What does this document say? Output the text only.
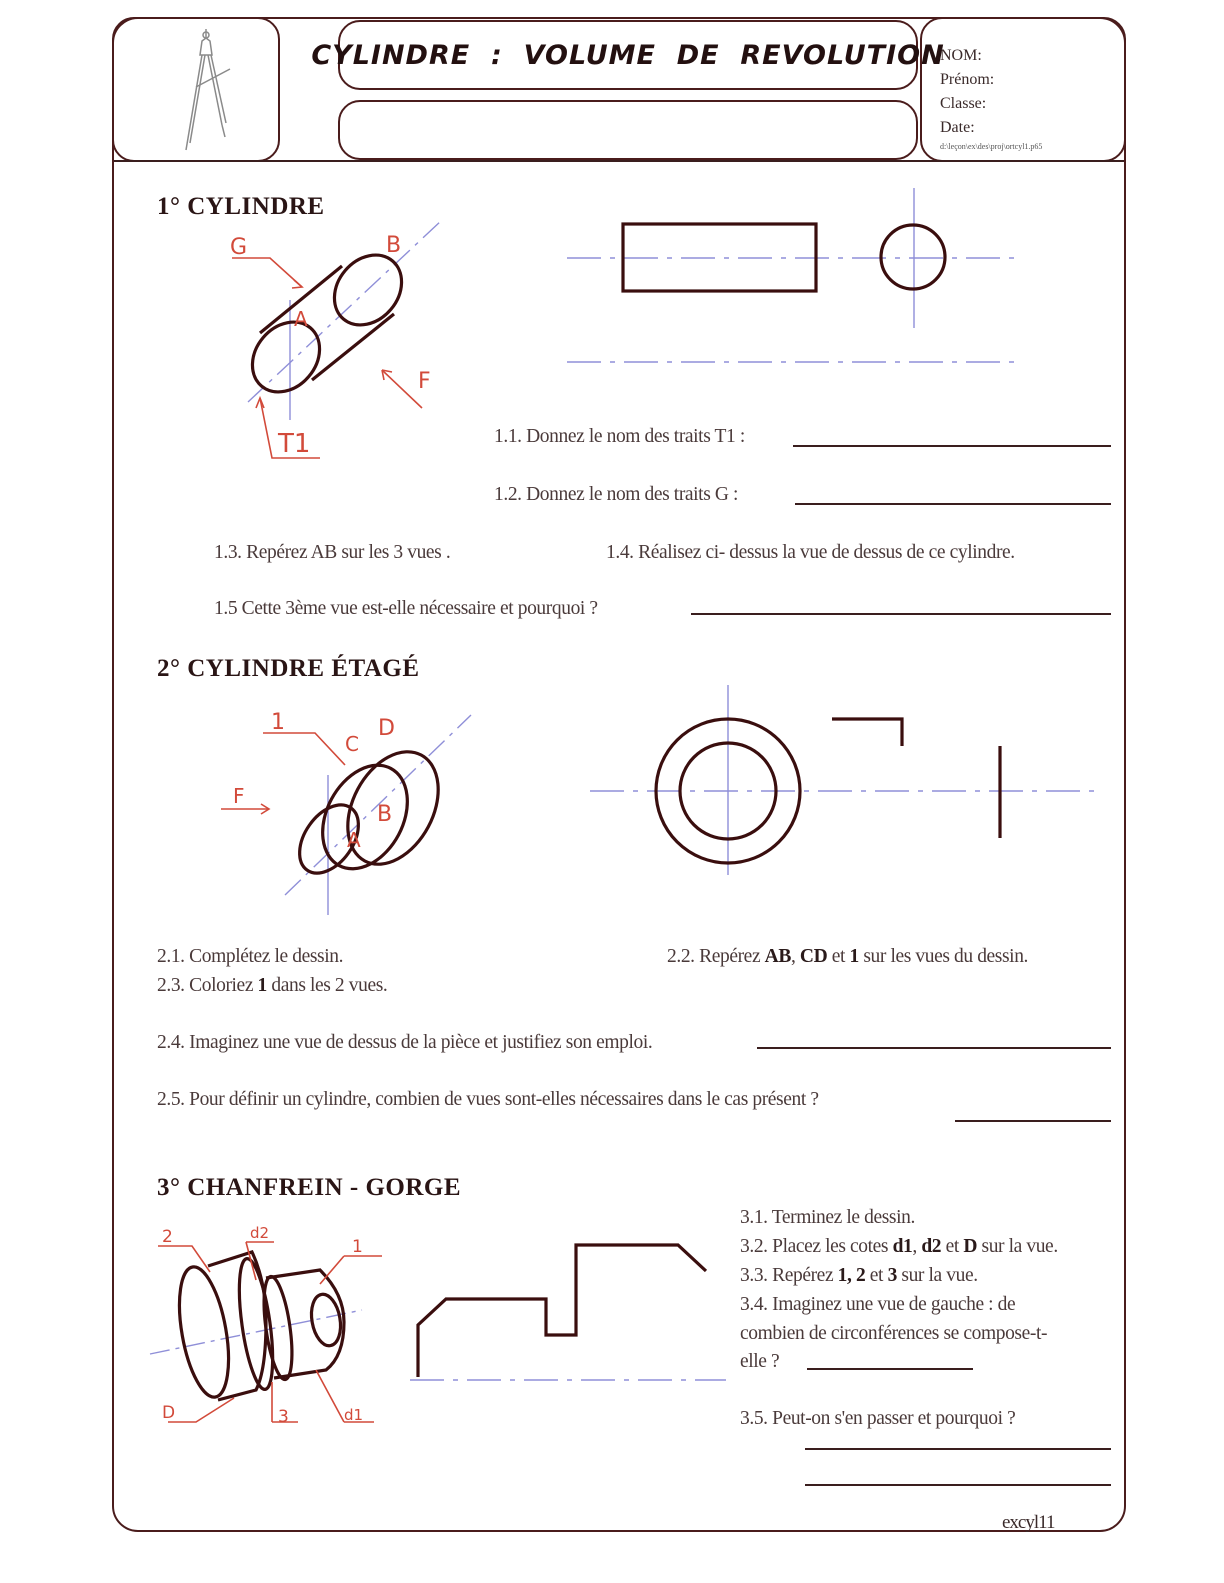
CYLINDRE  :  VOLUME  DE  REVOLUTION
NOM:
Prénom:
Classe:
Date:
d:\leçon\ex\des\proj\ortcyl1.p65
1° CYLINDRE
G	B
A
F
T1	1.1. Donnez le nom des traits T1 :
1.2. Donnez le nom des traits G :
1.3. Repérez AB sur les 3 vues .	1.4. Réalisez ci- dessus la vue de dessus de ce cylindre.
1.5 Cette 3ème vue est-elle nécessaire et pourquoi ?
2° CYLINDRE ÉTAGÉ
1	D
C
F
B
A
2.1. Complétez le dessin.	2.2. Repérez AB, CD et 1 sur les vues du dessin.
2.3. Coloriez 1 dans les 2 vues.
2.4. Imaginez une vue de dessus de la pièce et justifiez son emploi.
2.5. Pour définir un cylindre, combien de vues sont-elles nécessaires dans le cas présent ?
3° CHANFREIN - GORGE
2	d2
1
D	3	d1
3.1. Terminez le dessin.
3.2. Placez les cotes d1, d2 et D sur la vue.
3.3. Repérez 1, 2 et 3 sur la vue.
3.4. Imaginez une vue de gauche : de
combien de circonférences se compose-t-
elle ?
3.5. Peut-on s'en passer et pourquoi ?
excyl11
